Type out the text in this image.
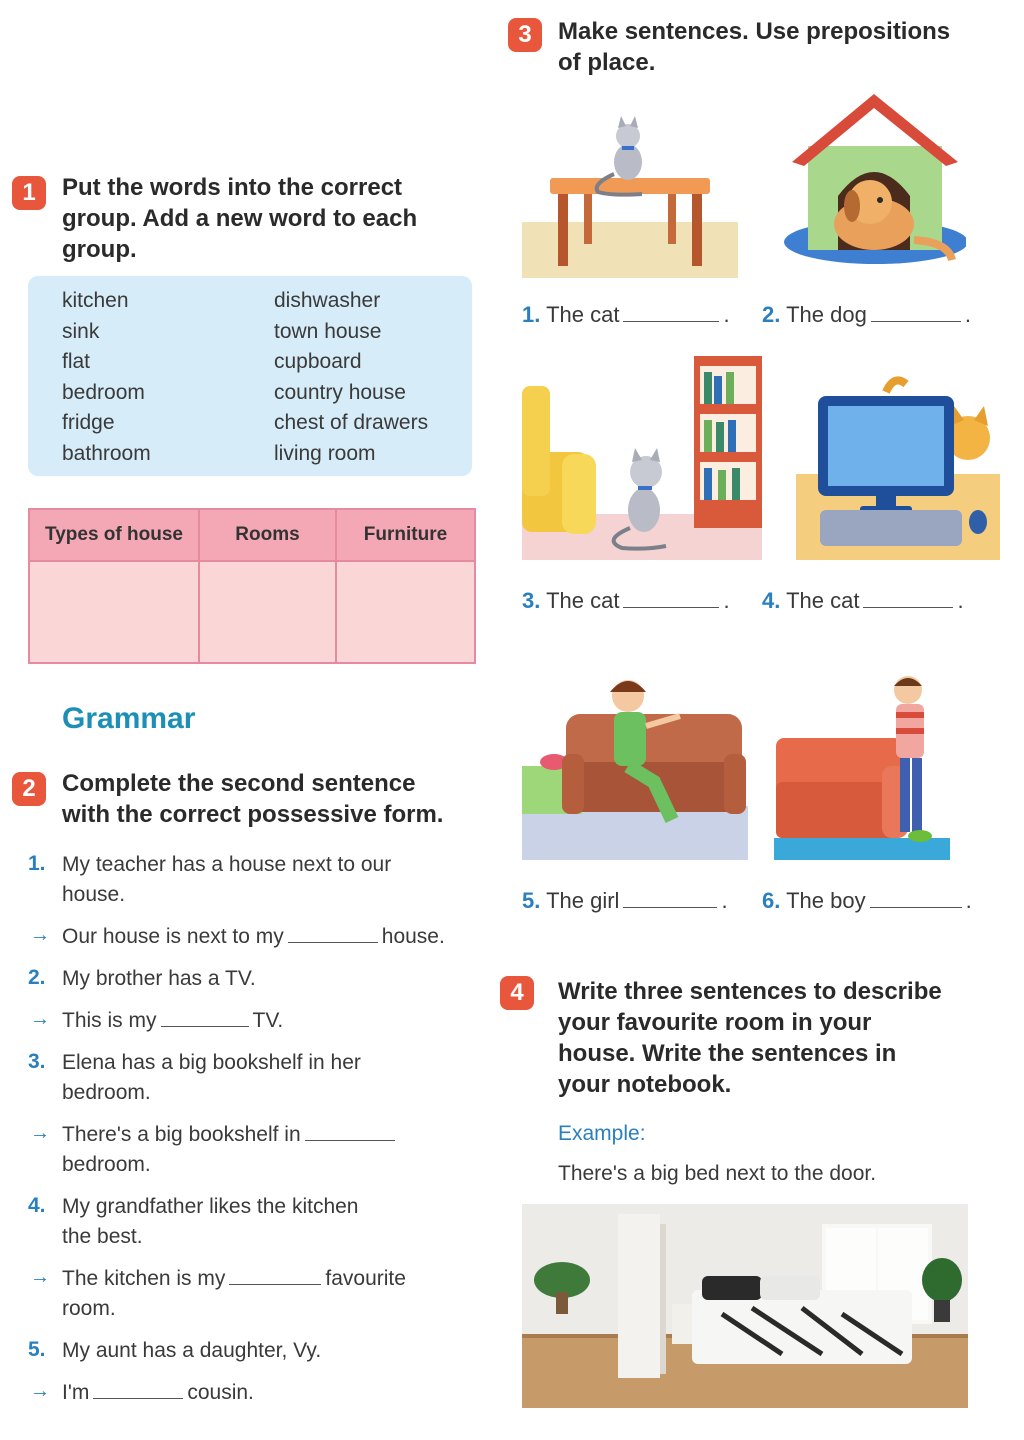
1	Put the words into the correct
group. Add a new word to each
group.
kitchen
sink
flat
bedroom
fridge
bathroom
dishwasher
town house
cupboard
country house
chest of drawers
living room
Types of house	Rooms	Furniture

Grammar
2	Complete the second sentence
with the correct possessive form.
1. My teacher has a house next to our
house.
→ Our house is next to my	house.
2. My brother has a TV.
→ This is my	TV.
3. Elena has a big bookshelf in her
bedroom.
→ There's a big bookshelf in
bedroom.
4. My grandfather likes the kitchen
the best.
→ The kitchen is my	favourite
room.
5. My aunt has a daughter, Vy.
→ I'm	cousin.
3	Make sentences. Use prepositions
of place.
1. The cat	. 2. The dog	.
3. The cat	. 4. The cat	.
5. The girl	. 6. The boy	.
4	Write three sentences to describe
your favourite room in your
house. Write the sentences in
your notebook.
Example:
There's a big bed next to the door.
